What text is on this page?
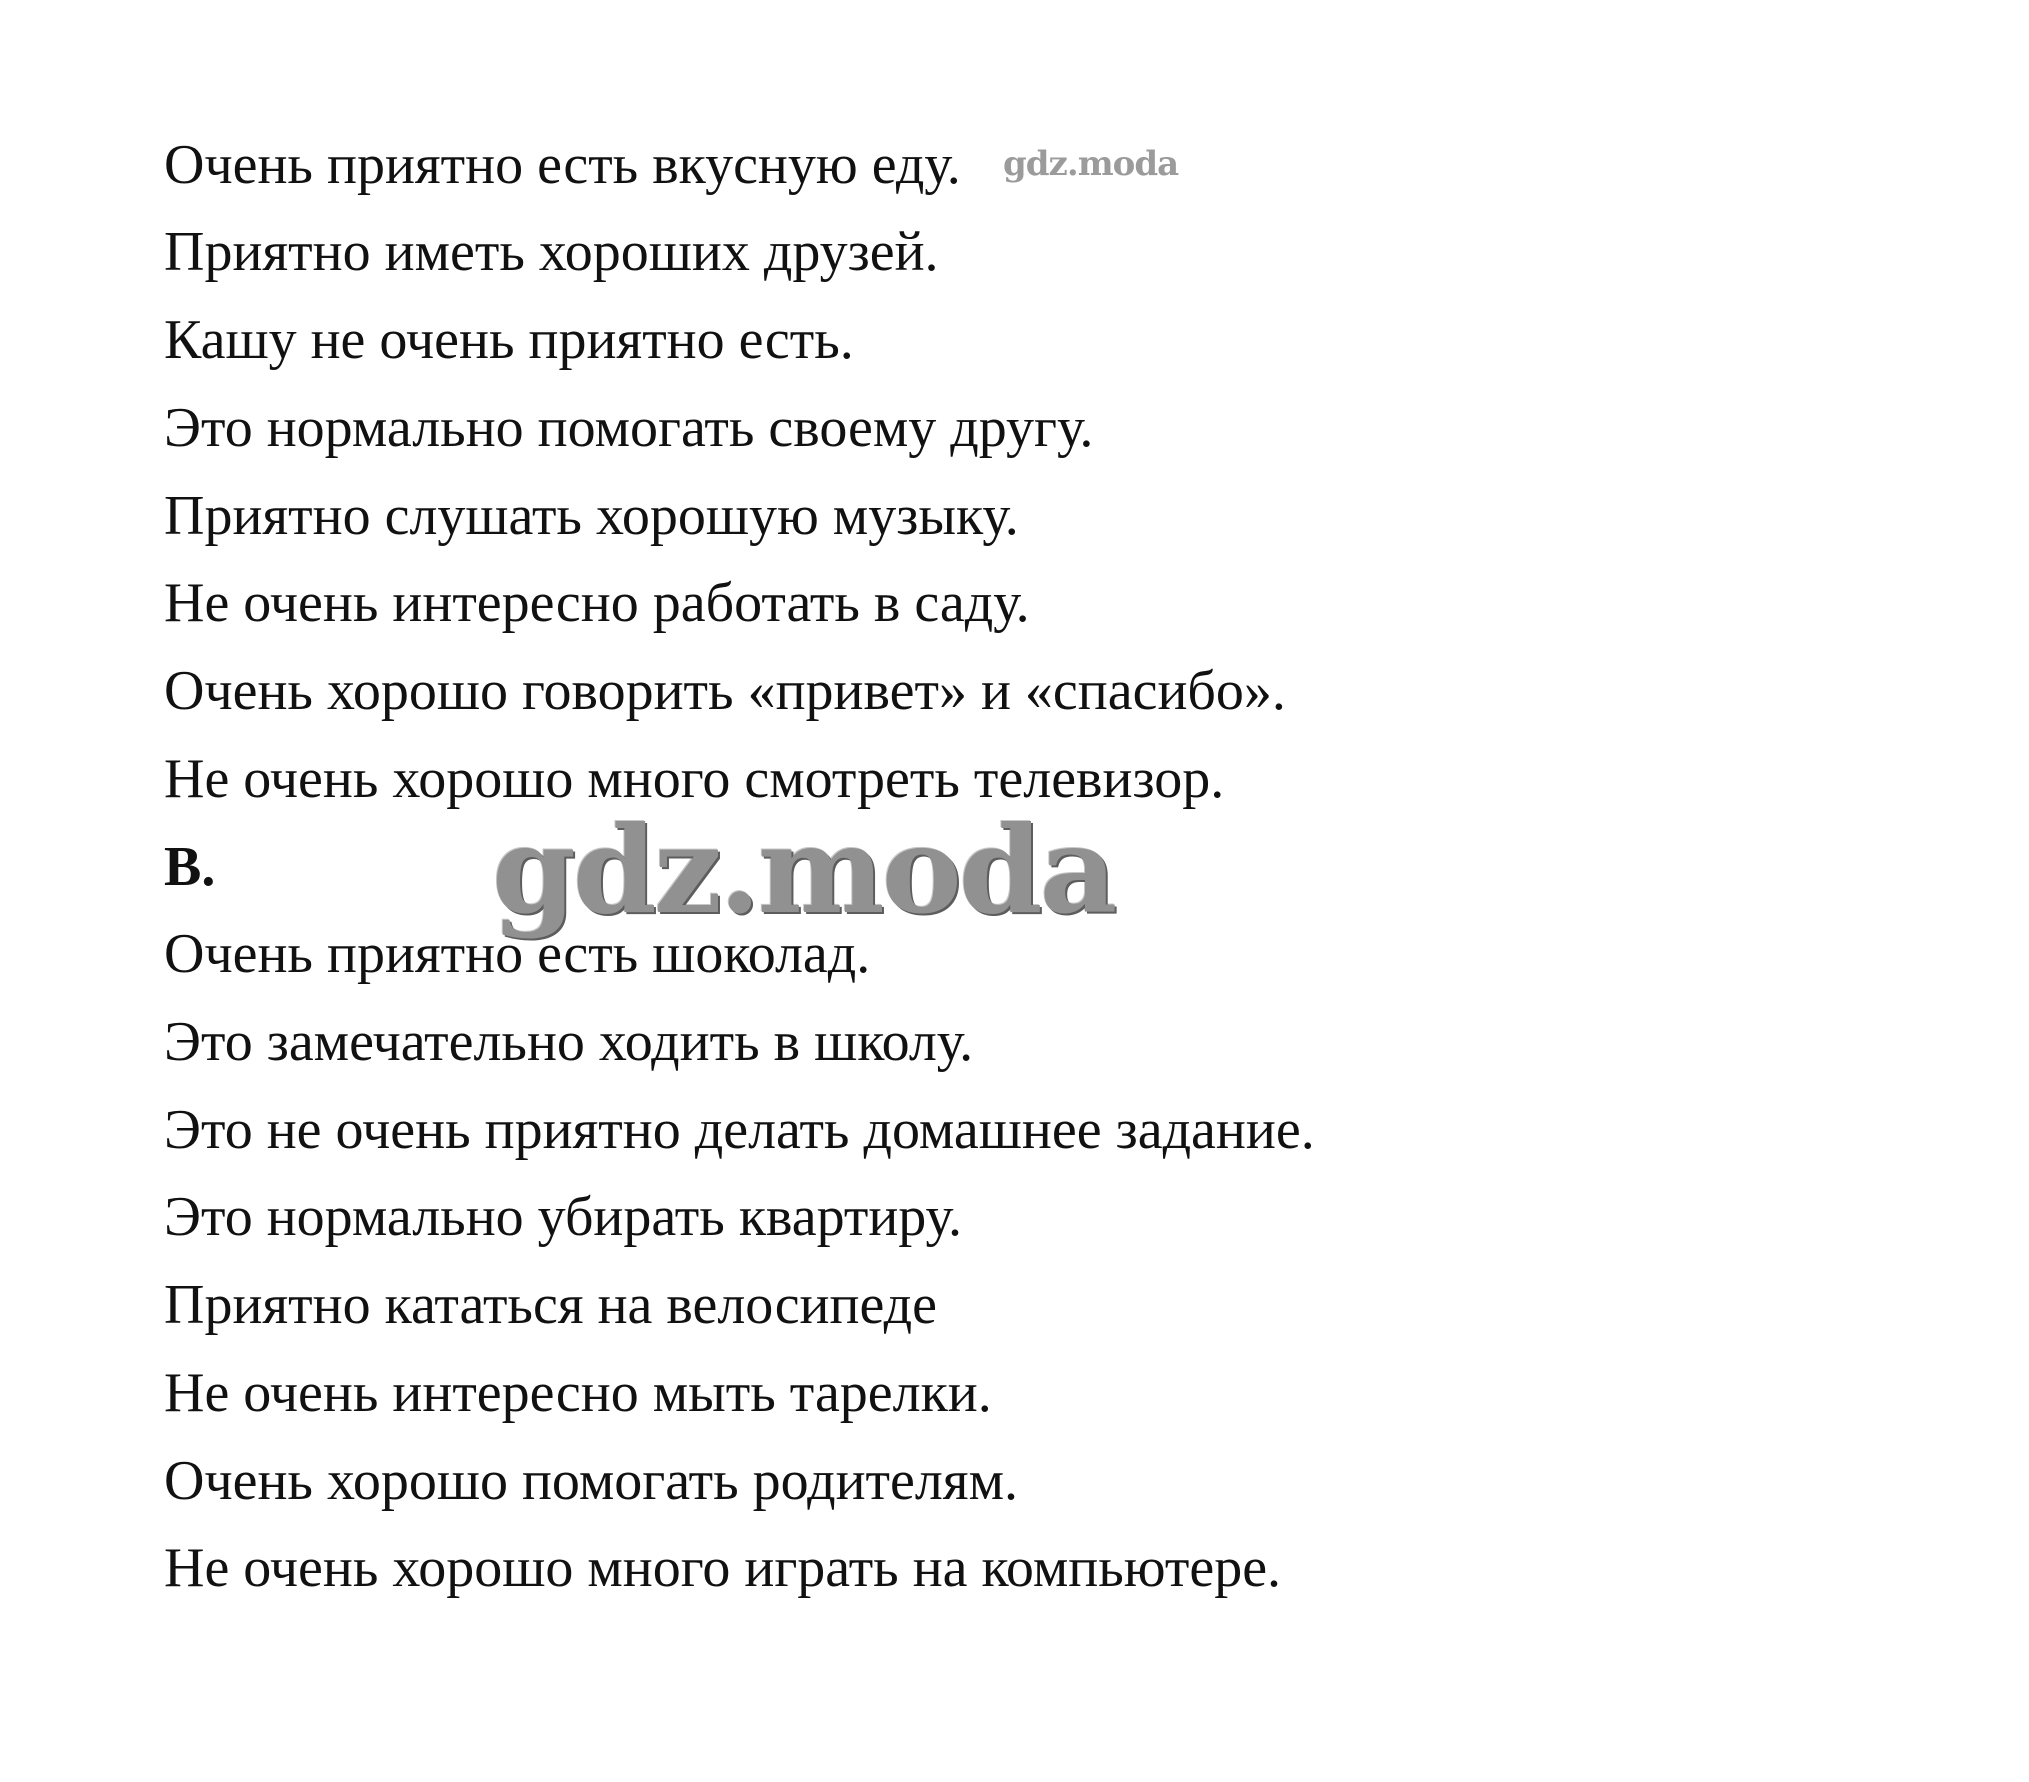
Очень приятно есть вкусную еду.
Приятно иметь хороших друзей.
Кашу не очень приятно есть.
Это нормально помогать своему другу.
Приятно слушать хорошую музыку.
Не очень интересно работать в саду.
Очень хорошо говорить «привет» и «спасибо».
Не очень хорошо много смотреть телевизор.
B.
Очень приятно есть шоколад.
Это замечательно ходить в школу.
Это не очень приятно делать домашнее задание.
Это нормально убирать квартиру.
Приятно кататься на велосипеде
Не очень интересно мыть тарелки.
Очень хорошо помогать родителям.
Не очень хорошо много играть на компьютере.
gdz.moda
gdz.moda
